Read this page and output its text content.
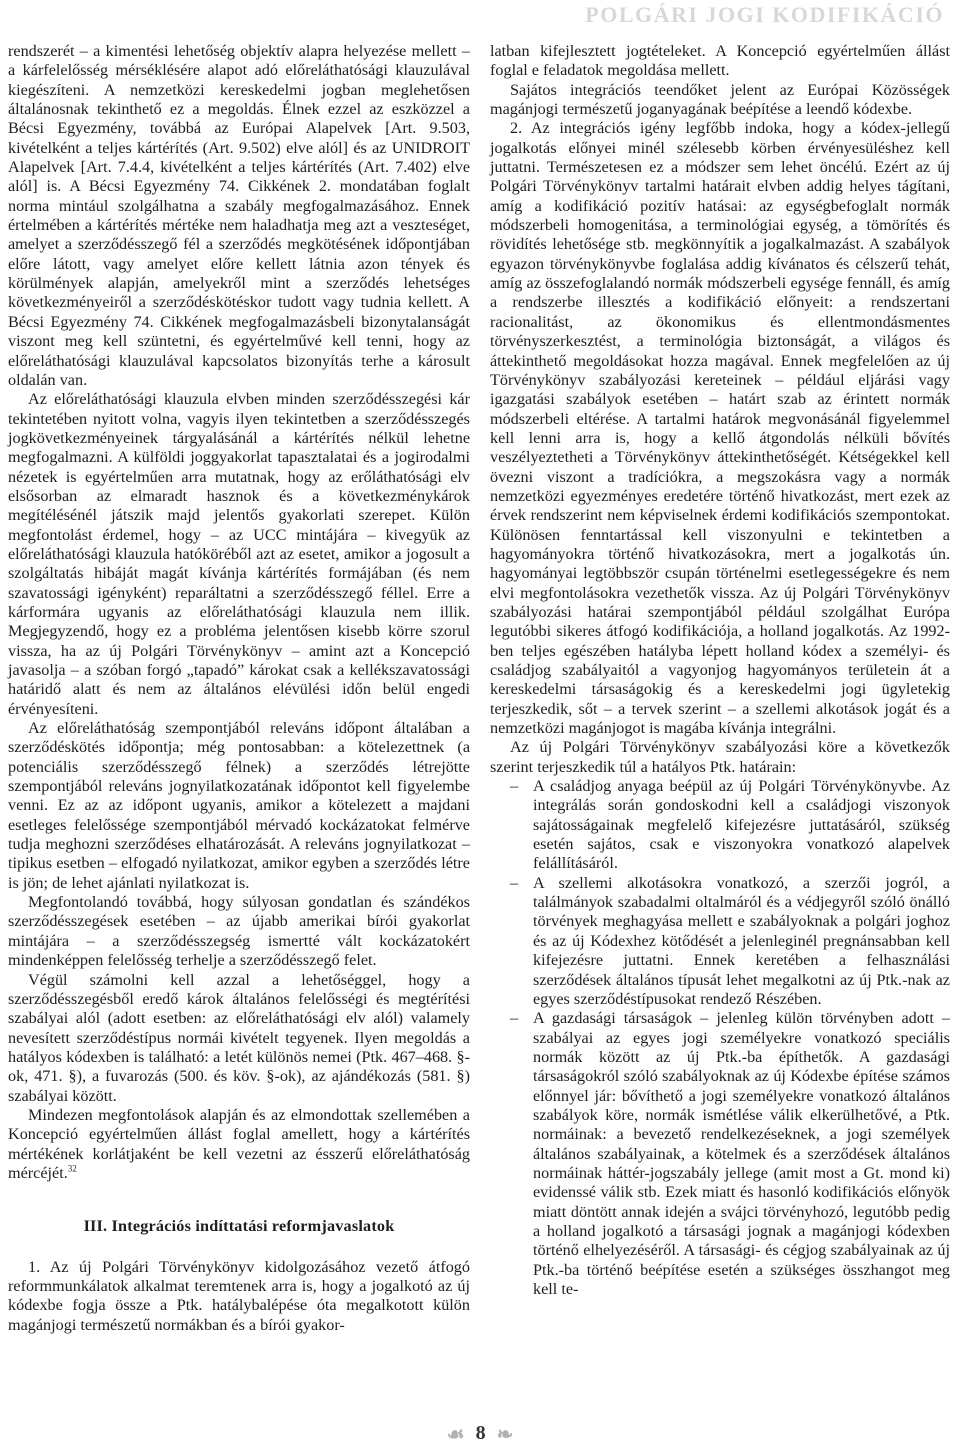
POLGÁRI JOGI KODIFIKÁCIÓ

rendszerét – a kimentési lehetőség objektív alapra helyezése mellett – a kárfelelősség mérséklésére alapot adó előreláthatósági klauzulával kiegészíteni. A nemzetközi kereskedelmi jogban meglehetősen általánosnak tekinthető ez a megoldás. Élnek ezzel az eszközzel a Bécsi Egyezmény, továbbá az Európai Alapelvek [Art. 9.503, kivételként a teljes kártérítés (Art. 9.502) elve alól] és az UNIDROIT Alapelvek [Art. 7.4.4, kivételként a teljes kártérítés (Art. 7.402) elve alól] is. A Bécsi Egyezmény 74. Cikkének 2. mondatában foglalt norma mintául szolgálhatna a szabály megfogalmazásához. Ennek értelmében a kártérítés mértéke nem haladhatja meg azt a veszteséget, amelyet a szerződésszegő fél a szerződés megkötésének időpontjában előre látott, vagy amelyet előre kellett látnia azon tények és körülmények alapján, amelyekről mint a szerződés lehetséges következményeiről a szerződéskötéskor tudott vagy tudnia kellett. A Bécsi Egyezmény 74. Cikkének megfogalmazásbeli bizonytalanságát viszont meg kell szüntetni, és egyértelművé kell tenni, hogy az előreláthatósági klauzulával kapcsolatos bizonyítás terhe a károsult oldalán van.

Az előreláthatósági klauzula elvben minden szerződésszegési kár tekintetében nyitott volna, vagyis ilyen tekintetben a szerződésszegés jogkövetkezményeinek tárgyalásánál a kártérítés nélkül lehetne megfogalmazni. A külföldi joggyakorlat tapasztalatai és a jogirodalmi nézetek is egyértelműen arra mutatnak, hogy az erőláthatósági elv elsősorban az elmaradt hasznok és a következménykárok megítélésénél játszik majd jelentős gyakorlati szerepet. Külön megfontolást érdemel, hogy – az UCC mintájára – kivegyük az előreláthatósági klauzula hatóköréből azt az esetet, amikor a jogosult a szolgáltatás hibáját magát kívánja kártérítés formájában (és nem szavatossági igényként) reparáltatni a szerződésszegő féllel. Erre a kárformára ugyanis az előreláthatósági klauzula nem illik. Megjegyzendő, hogy ez a probléma jelentősen kisebb körre szorul vissza, ha az új Polgári Törvénykönyv – amint azt a Koncepció javasolja – a szóban forgó „tapadó” károkat csak a kellékszavatossági határidő alatt és nem az általános elévülési időn belül engedi érvényesíteni.

Az előreláthatóság szempontjából releváns időpont általában a szerződéskötés időpontja; még pontosabban: a kötelezettnek (a potenciális szerződésszegő félnek) a szerződés létrejötte szempontjából releváns jognyilatkozatának időpontot kell figyelembe venni. Ez az az időpont ugyanis, amikor a kötelezett a majdani esetleges felelőssége szempontjából mérvadó kockázatokat felmérve tudja meghozni szerződéses elhatározását. A releváns jognyilatkozat – tipikus esetben – elfogadó nyilatkozat, amikor egyben a szerződés létre is jön; de lehet ajánlati nyilatkozat is.

Megfontolandó továbbá, hogy súlyosan gondatlan és szándékos szerződésszegések esetében – az újabb amerikai bírói gyakorlat mintájára – a szerződésszegség ismertté vált kockázatokért mindenképpen felelősség terhelje a szerződésszegő felet.

Végül számolni kell azzal a lehetőséggel, hogy a szerződésszegésből eredő károk általános felelősségi és megtérítési szabályai alól (adott esetben: az előreláthatósági elv alól) valamely nevesített szerződéstípus normái kivételt tegyenek. Ilyen megoldás a hatályos kódexben is található: a letét különös nemei (Ptk. 467–468. §-ok, 471. §), a fuvarozás (500. és köv. §-ok), az ajándékozás (581. §) szabályai között.

Mindezen megfontolások alapján és az elmondottak szellemében a Koncepció egyértelműen állást foglal amellett, hogy a kártérítés mértékének korlátjaként be kell vezetni az ésszerű előreláthatóság mércéjét.$^{32}$

III. Integrációs indíttatási reformjavaslatok

1. Az új Polgári Törvénykönyv kidolgozásához vezető átfogó reformmunkálatok alkalmat teremtenek arra is, hogy a jogalkotó az új kódexbe fogja össze a Ptk. hatálybalépése óta megalkotott külön magánjogi természetű normákban és a bírói gyakor-

latban kifejlesztett jogtételeket. A Koncepció egyértelműen állást foglal e feladatok megoldása mellett.

Sajátos integrációs teendőket jelent az Európai Közösségek magánjogi természetű joganyagának beépítése a leendő kódexbe.

2. Az integrációs igény legfőbb indoka, hogy a kódex-jellegű jogalkotás előnyei minél szélesebb körben érvényesüléshez kell juttatni. Természetesen ez a módszer sem lehet öncélú. Ezért az új Polgári Törvénykönyv tartalmi határait elvben addig helyes tágítani, amíg a kodifikáció pozitív hatásai: az egységbefoglalt normák módszerbeli homogenitása, a terminológiai egység, a tömörítés és rövidítés lehetősége stb. megkönnyítik a jogalkalmazást. A szabályok egyazon törvénykönyvbe foglalása addig kívánatos és célszerű tehát, amíg az összefoglalandó normák módszerbeli egysége fennáll, és amíg a rendszerbe illesztés a kodifikáció előnyeit: a rendszertani racionalitást, az ökonomikus és ellentmondásmentes törvényszerkesztést, a terminológia biztonságát, a világos és áttekinthető megoldásokat hozza magával. Ennek megfelelően az új Törvénykönyv szabályozási kereteinek – például eljárási vagy igazgatási szabályok esetében – határt szab az érintett normák módszerbeli eltérése. A tartalmi határok megvonásánál figyelemmel kell lenni arra is, hogy a kellő átgondolás nélküli bővítés veszélyeztetheti a Törvénykönyv áttekinthetőségét. Kétségekkel kell övezni viszont a tradíciókra, a megszokásra vagy a normák nemzetközi egyezményes eredetére történő hivatkozást, mert ezek az érvek rendszerint nem képviselnek érdemi kodifikációs szempontokat. Különösen fenntartással kell viszonyulni e tekintetben a hagyományokra történő hivatkozásokra, mert a jogalkotás ún. hagyományai legtöbbször csupán történelmi esetlegességekre és nem elvi megfontolásokra vezethetők vissza. Az új Polgári Törvénykönyv szabályozási határai szempontjából például szolgálhat Európa legutóbbi sikeres átfogó kodifikációja, a holland jogalkotás. Az 1992-ben teljes egészében hatályba lépett holland kódex a személyi- és családjog szabályaitól a vagyonjog hagyományos területein át a kereskedelmi társaságokig és a kereskedelmi jogi ügyletekig terjeszkedik, sőt – a tervek szerint – a szellemi alkotások jogát és a nemzetközi magánjogot is magába kívánja integrálni.

Az új Polgári Törvénykönyv szabályozási köre a következők szerint terjeszkedik túl a hatályos Ptk. határain:

– A családjog anyaga beépül az új Polgári Törvénykönyvbe. Az integrálás során gondoskodni kell a családjogi viszonyok sajátosságainak megfelelő kifejezésre juttatásáról, szükség esetén sajátos, csak e viszonyokra vonatkozó alapelvek felállításáról.
– A szellemi alkotásokra vonatkozó, a szerzői jogról, a találmányok szabadalmi oltalmáról és a védjegyről szóló önálló törvények meghagyása mellett e szabályoknak a polgári joghoz és az új Kódexhez kötődését a jelenleginél pregnánsabban kell kifejezésre juttatni. Ennek keretében a felhasználási szerződések általános típusát lehet megalkotni az új Ptk.-nak az egyes szerződéstípusokat rendező Részében.
– A gazdasági társaságok – jelenleg külön törvényben adott – szabályai az egyes jogi személyekre vonatkozó speciális normák között az új Ptk.-ba építhetők. A gazdasági társaságokról szóló szabályoknak az új Kódexbe építése számos előnnyel jár: bővíthető a jogi személyekre vonatkozó általános szabályok köre, normák ismétlése válik elkerülhetővé, a Ptk. normáinak: a bevezető rendelkezéseknek, a jogi személyek általános szabályainak, a kötelmek és a szerződések általános normáinak háttér-jogszabály jellege (amit most a Gt. mond ki) evidenssé válik stb. Ezek miatt és hasonló kodifikációs előnyök miatt döntött annak idején a svájci törvényhozó, legutóbb pedig a holland jogalkotó a társasági jognak a magánjogi kódexben történő elhelyezéséről. A társasági- és cégjog szabályainak az új Ptk.-ba történő beépítése esetén a szükséges összhangot meg kell te-
☙ 8 ❧
